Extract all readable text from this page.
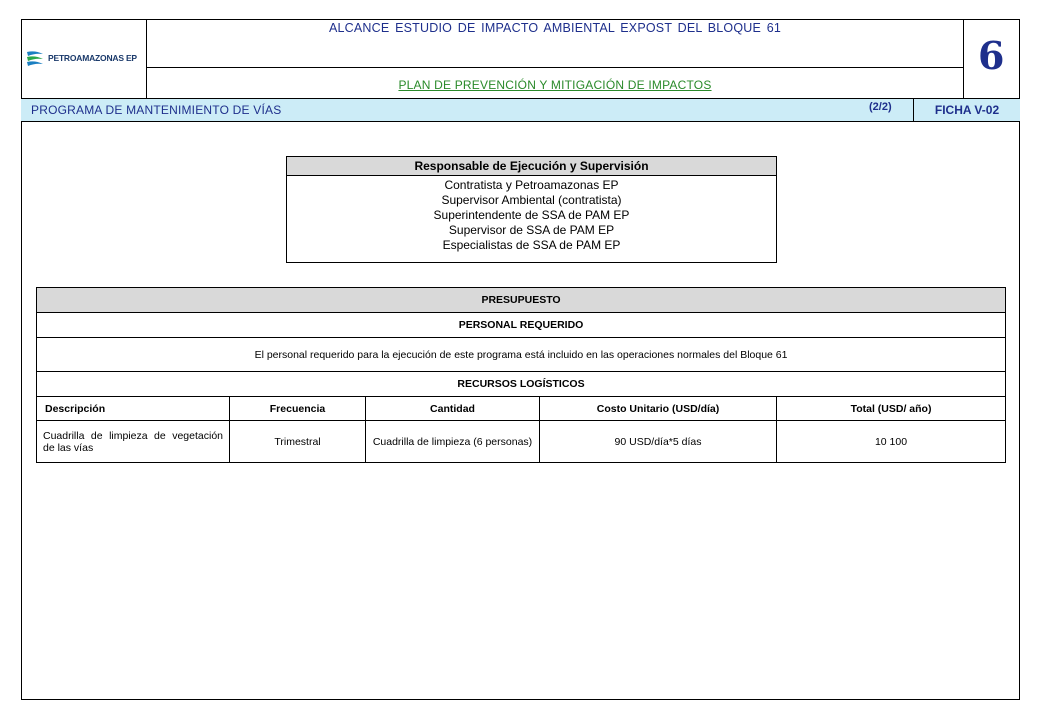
PETROAMAZONAS EP
ALCANCE ESTUDIO DE IMPACTO AMBIENTAL EXPOST DEL BLOQUE 61
PLAN DE PREVENCIÓN Y MITIGACIÓN DE IMPACTOS
6
PROGRAMA DE MANTENIMIENTO DE VÍAS	(2/2)	FICHA V-02
Responsable de Ejecución y Supervisión
Contratista y Petroamazonas EP
Supervisor Ambiental (contratista)
Superintendente de SSA de PAM EP
Supervisor de SSA de PAM EP
Especialistas de SSA de PAM EP
PRESUPUESTO				
PERSONAL REQUERIDO				
El personal requerido para la ejecución de este programa está incluido en las operaciones normales del Bloque 61				
RECURSOS LOGÍSTICOS				
Descripción	Frecuencia	Cantidad	Costo Unitario (USD/día)	Total (USD/ año)
Cuadrilla de limpieza de vegetación de las vías	Trimestral	Cuadrilla de limpieza (6 personas)	90 USD/día*5 días	10 100
